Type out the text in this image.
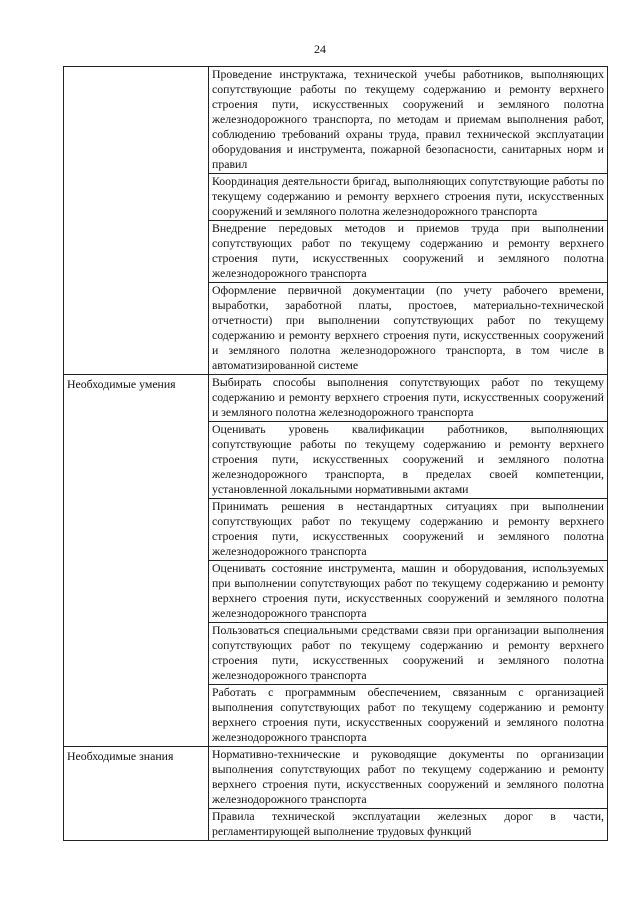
24
	Проведение инструктажа, технической учебы работников, выполняющих сопутствующие работы по текущему содержанию и ремонту верхнего строения пути, искусственных сооружений и земляного полотна железнодорожного транспорта, по методам и приемам выполнения работ, соблюдению требований охраны труда, правил технической эксплуатации оборудования и инструмента, пожарной безопасности, санитарных норм и правил
	Координация деятельности бригад, выполняющих сопутствующие работы по текущему содержанию и ремонту верхнего строения пути, искусственных сооружений и земляного полотна железнодорожного транспорта
	Внедрение передовых методов и приемов труда при выполнении сопутствующих работ по текущему содержанию и ремонту верхнего строения пути, искусственных сооружений и земляного полотна железнодорожного транспорта
	Оформление первичной документации (по учету рабочего времени, выработки, заработной платы, простоев, материально-технической отчетности) при выполнении сопутствующих работ по текущему содержанию и ремонту верхнего строения пути, искусственных сооружений и земляного полотна железнодорожного транспорта, в том числе в автоматизированной системе
Необходимые умения	Выбирать способы выполнения сопутствующих работ по текущему содержанию и ремонту верхнего строения пути, искусственных сооружений и земляного полотна железнодорожного транспорта
	Оценивать уровень квалификации работников, выполняющих сопутствующие работы по текущему содержанию и ремонту верхнего строения пути, искусственных сооружений и земляного полотна железнодорожного транспорта, в пределах своей компетенции, установленной локальными нормативными актами
	Принимать решения в нестандартных ситуациях при выполнении сопутствующих работ по текущему содержанию и ремонту верхнего строения пути, искусственных сооружений и земляного полотна железнодорожного транспорта
	Оценивать состояние инструмента, машин и оборудования, используемых при выполнении сопутствующих работ по текущему содержанию и ремонту верхнего строения пути, искусственных сооружений и земляного полотна железнодорожного транспорта
	Пользоваться специальными средствами связи при организации выполнения сопутствующих работ по текущему содержанию и ремонту верхнего строения пути, искусственных сооружений и земляного полотна железнодорожного транспорта
	Работать с программным обеспечением, связанным с организацией выполнения сопутствующих работ по текущему содержанию и ремонту верхнего строения пути, искусственных сооружений и земляного полотна железнодорожного транспорта
Необходимые знания	Нормативно-технические и руководящие документы по организации выполнения сопутствующих работ по текущему содержанию и ремонту верхнего строения пути, искусственных сооружений и земляного полотна железнодорожного транспорта
	Правила технической эксплуатации железных дорог в части, регламентирующей выполнение трудовых функций
